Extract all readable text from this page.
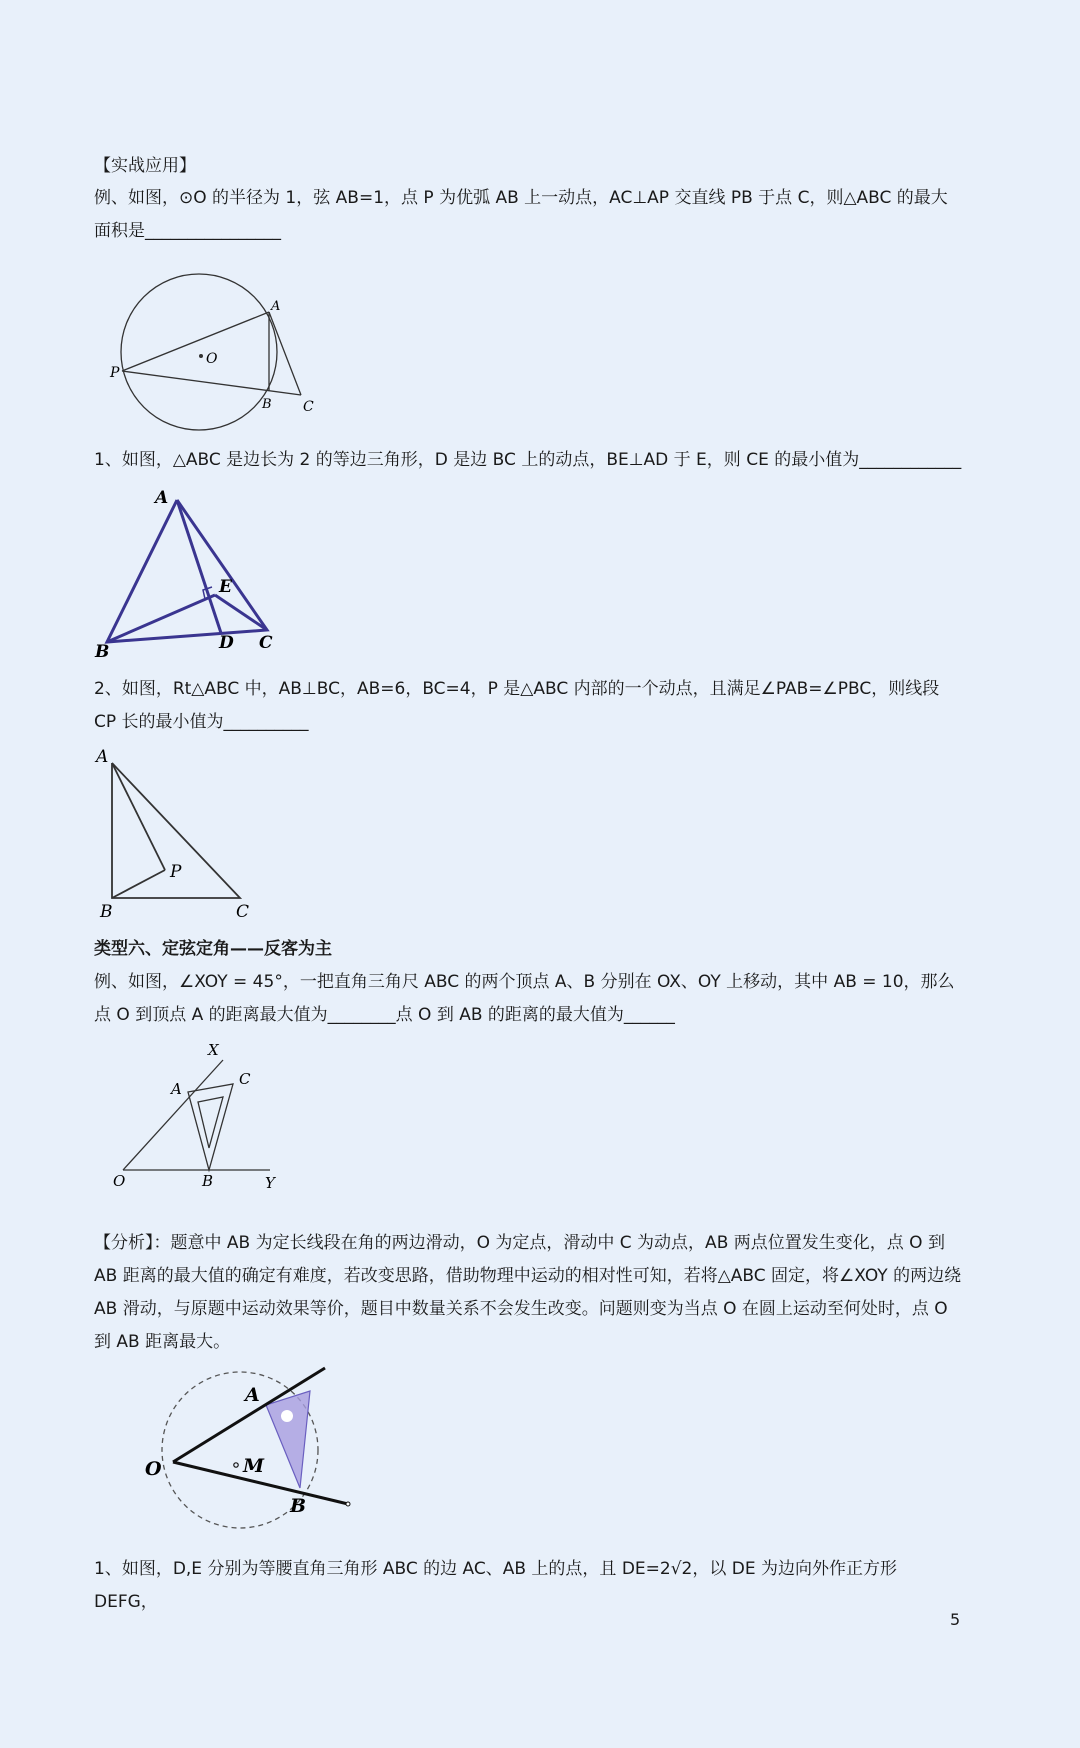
【实战应用】

例、如图，⊙O 的半径为 1，弦 AB=1，点 P 为优弧 AB 上一动点，AC⊥AP 交直线 PB 于点 C，则△ABC 的最大面积是________________

A
O
P
B C

1、如图，△ABC 是边长为 2 的等边三角形，D 是边 BC 上的动点，BE⊥AD 于 E，则 CE 的最小值为____________

A
E
B	D C

2、如图，Rt△ABC 中，AB⊥BC，AB=6，BC=4，P 是△ABC 内部的一个动点，且满足∠PAB=∠PBC，则线段 CP 长的最小值为__________

A
P
B	C

类型六、定弦定角——反客为主

例、如图，∠XOY = 45°，一把直角三角尺 ABC 的两个顶点 A、B 分别在 OX、OY 上移动，其中 AB = 10，那么点 O 到顶点 A 的距离最大值为________点 O 到 AB 的距离的最大值为______

X
C
A
O	B	Y

【分析】：题意中 AB 为定长线段在角的两边滑动，O 为定点，滑动中 C 为动点，AB 两点位置发生变化，点 O 到 AB 距离的最大值的确定有难度，若改变思路，借助物理中运动的相对性可知，若将△ABC 固定，将∠XOY 的两边绕 AB 滑动，与原题中运动效果等价，题目中数量关系不会发生改变。问题则变为当点 O 在圆上运动至何处时，点 O 到 AB 距离最大。

A
O	M
B

1、如图，D,E 分别为等腰直角三角形 ABC 的边 AC、AB 上的点，且 DE=2√2，以 DE 为边向外作正方形 DEFG，

5
